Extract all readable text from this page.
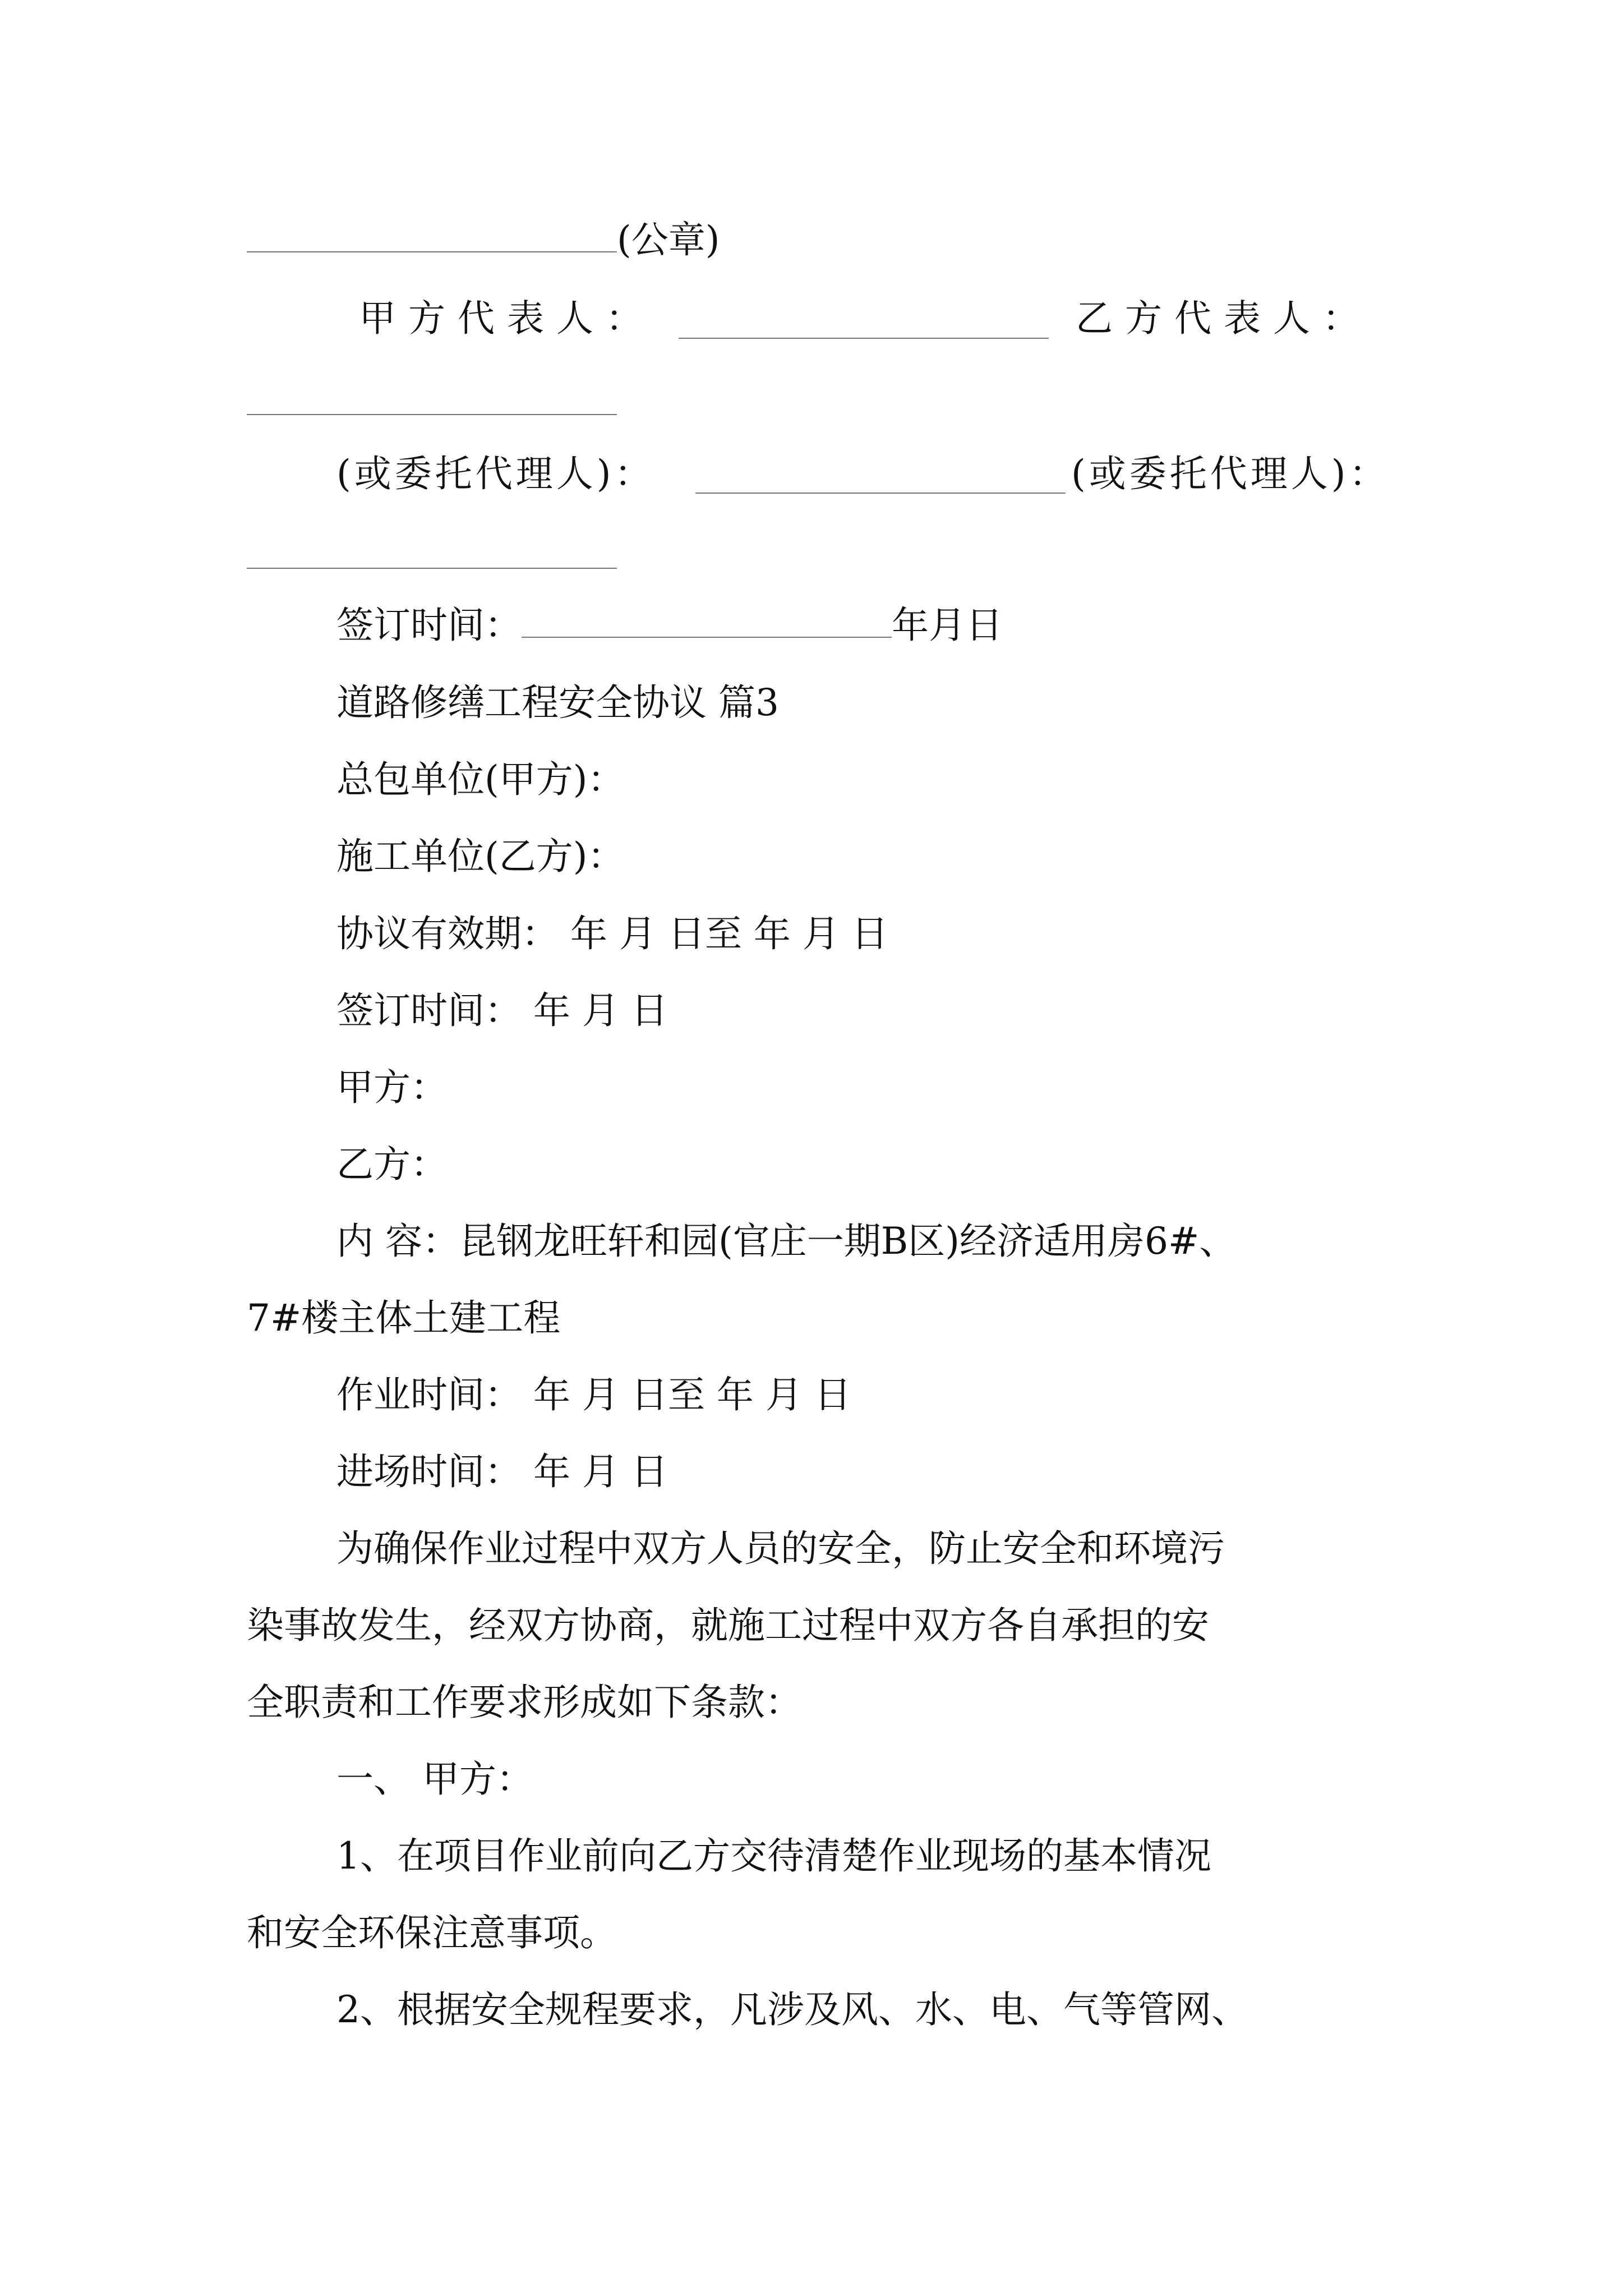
(公章)
甲方代表人：	乙方代表人：
(或委托代理人)：	(或委托代理人)：
签订时间：	年月日
道路修缮工程安全协议 篇3
总包单位(甲方)：
施工单位(乙方)：
协议有效期： 年 月 日至 年 月 日
签订时间： 年 月 日
甲方：
乙方：
内 容：昆钢龙旺轩和园(官庄一期B区)经济适用房6#、
7#楼主体土建工程
作业时间： 年 月 日至 年 月 日
进场时间： 年 月 日
为确保作业过程中双方人员的安全，防止安全和环境污
染事故发生，经双方协商，就施工过程中双方各自承担的安
全职责和工作要求形成如下条款：
一、 甲方：
1、在项目作业前向乙方交待清楚作业现场的基本情况
和安全环保注意事项。
2、根据安全规程要求，凡涉及风、水、电、气等管网、
